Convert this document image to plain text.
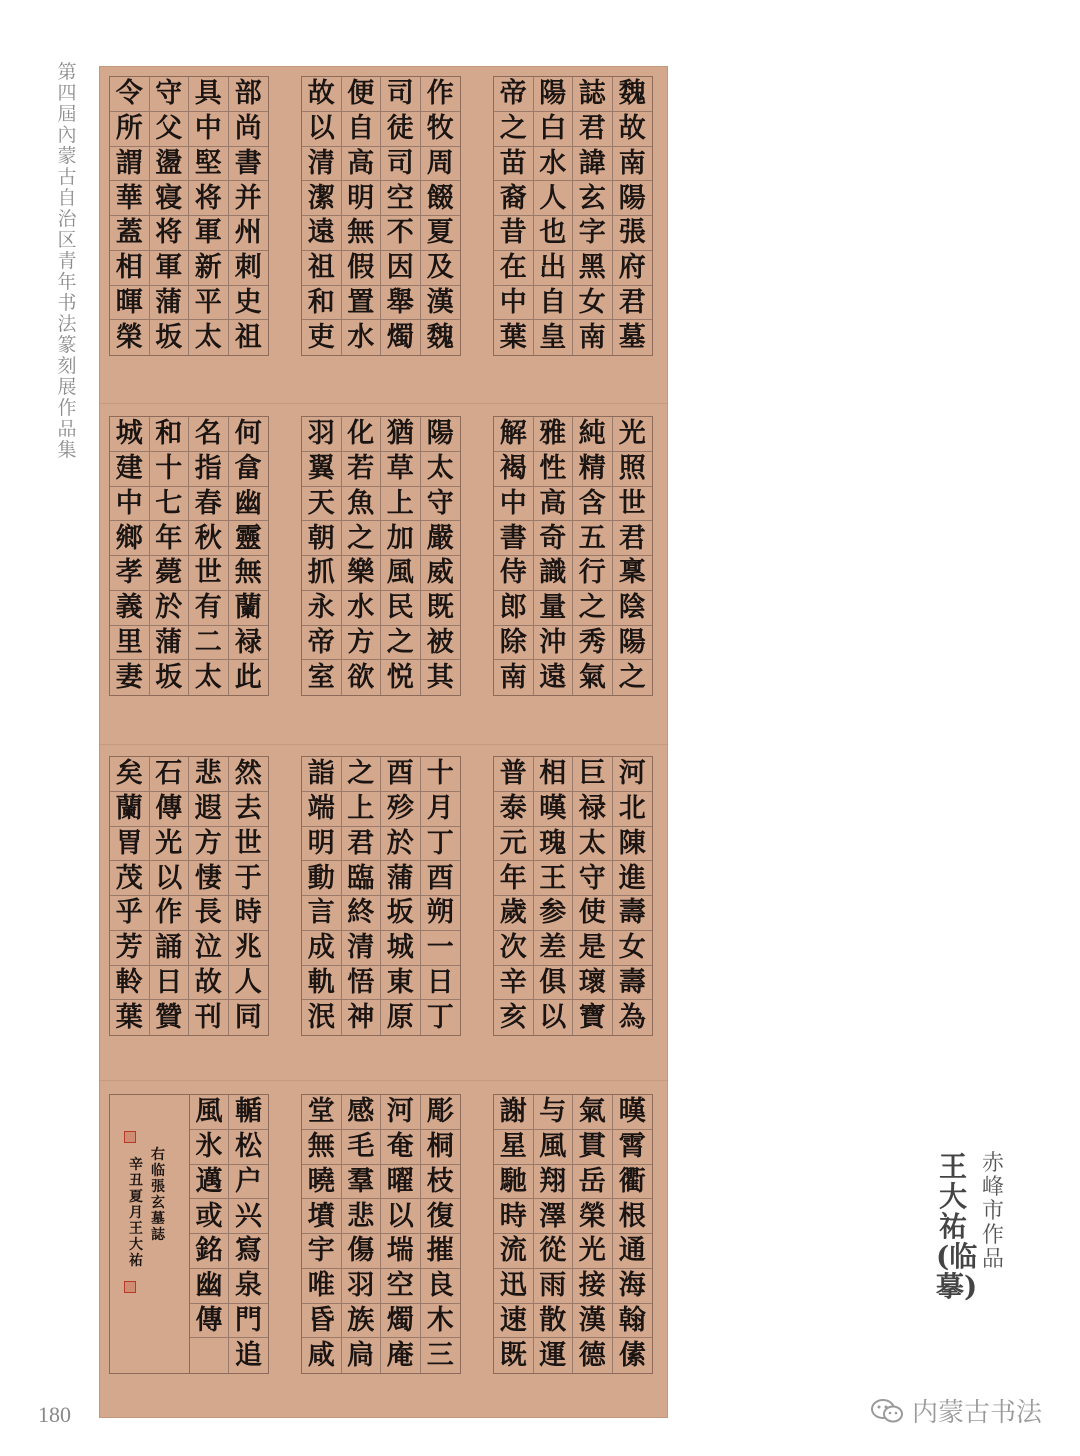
第四屆內蒙古自治区青年书法篆刻展作品集
180
令 守 具 部
所 父 中 尚
謂 盪 堅 書
華 寝 将 并
蓋 将 軍 州
相 軍 新 刺
暉 蒲 平 史
榮 坂 太 祖
故 便 司 作
以 自 徒 牧
清 高 司 周
潔 明 空 餟
遠 無 不 夏
祖 假 因 及
和 置 舉 漢
吏 水 燭 魏
帝 陽 誌 魏
之 白 君 故
苗 水 諱 南
裔 人 玄 陽
昔 也 字 張
在 出 黑 府
中 自 女 君
葉 皇 南 墓
城 和 名 何
建 十 指 畣
中 七 春 幽
鄉 年 秋 靈
孝 薨 世 無
義 於 有 蘭
里 蒲 二 䘵
妻 坂 太 此
羽 化 猶 陽
翼 若 草 太
天 魚 上 守
朝 之 加 嚴
抓 樂 風 威
永 水 民 既
帝 方 之 被
室 欲 悦 其
解 雅 純 光
褐 性 精 照
中 高 含 世
書 奇 五 君
侍 識 行 稟
郎 量 之 陰
除 沖 秀 陽
南 遠 氣 之
矣 石 悲 然
蘭 傳 遐 去
胃 光 方 世
茂 以 悽 于
乎 作 長 時
芳 誦 泣 兆
軨 日 故 人
葉 贊 刊 同
詣 之 酉 十
端 上 殄 月
明 君 於 丁
動 臨 蒲 酉
言 終 坂 朔
成 清 城 一
軌 悟 東 日
泯 神 原 丁
普 相 巨 河
泰 暵 禄 北
元 瑰 太 陳
年 王 守 進
歲 参 使 壽
次 差 是 女
辛 俱 瓌 壽
亥 以 寶 為
風 輴
氷 松
邁 户
或 兴
銘 寫
幽 泉
傳 門
追
堂 感 河 彫
無 毛 奄 桐
曉 羣 曜 枝
墳 悲 以 復
宇 傷 㙐 摧
唯 羽 空 良
昏 族 燭 木
咸 扃 庵 三
謝 与 氣 暵
星 風 貫 霄
馳 翔 岳 衢
時 澤 榮 根
流 從 光 通
迅 雨 接 海
速 散 漢 翰
既 運 德 傃
右临張玄墓誌
辛丑夏月王大祐
赤峰市作品
王大祐(临摹)
内蒙古书法
